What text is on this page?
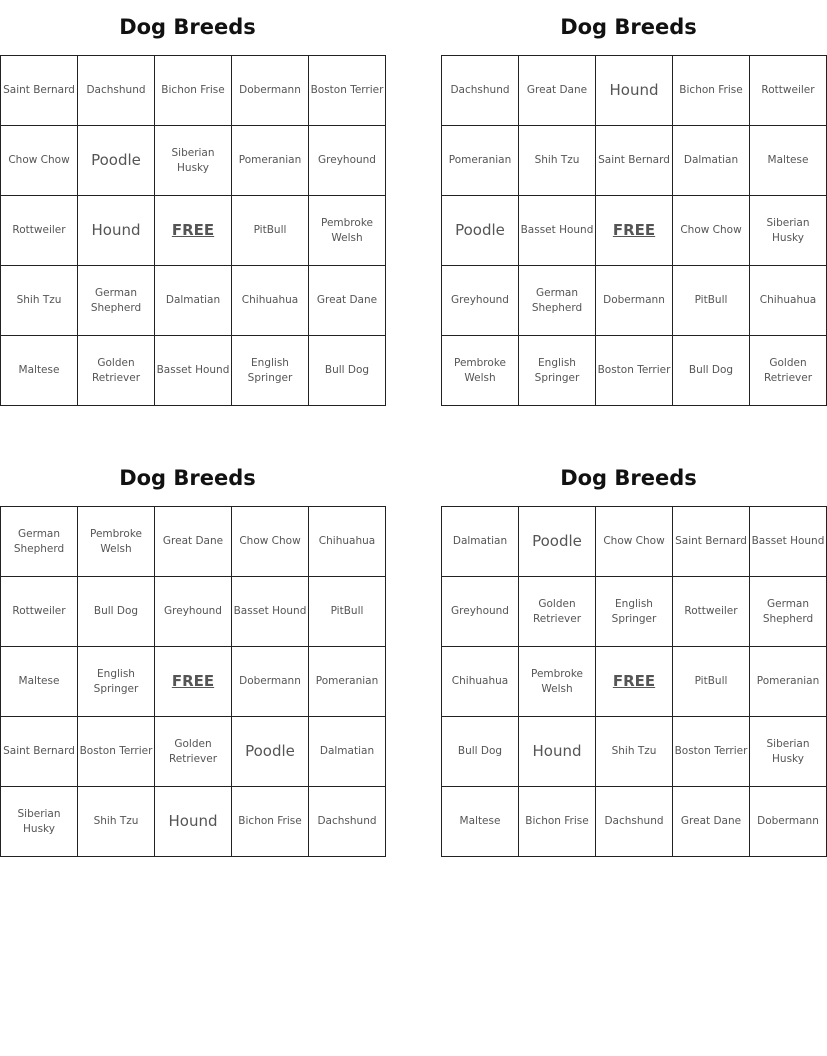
Dog Breeds
Saint Bernard	Dachshund	Bichon Frise	Dobermann	Boston Terrier
Chow Chow	Poodle	Siberian Husky	Pomeranian	Greyhound
Rottweiler	Hound	FREE	PitBull	Pembroke Welsh
Shih Tzu	German Shepherd	Dalmatian	Chihuahua	Great Dane
Maltese	Golden Retriever	Basset Hound	English Springer	Bull Dog
Dog Breeds
Dachshund	Great Dane	Hound	Bichon Frise	Rottweiler
Pomeranian	Shih Tzu	Saint Bernard	Dalmatian	Maltese
Poodle	Basset Hound	FREE	Chow Chow	Siberian Husky
Greyhound	German Shepherd	Dobermann	PitBull	Chihuahua
Pembroke Welsh	English Springer	Boston Terrier	Bull Dog	Golden Retriever
Dog Breeds
German Shepherd	Pembroke Welsh	Great Dane	Chow Chow	Chihuahua
Rottweiler	Bull Dog	Greyhound	Basset Hound	PitBull
Maltese	English Springer	FREE	Dobermann	Pomeranian
Saint Bernard	Boston Terrier	Golden Retriever	Poodle	Dalmatian
Siberian Husky	Shih Tzu	Hound	Bichon Frise	Dachshund
Dog Breeds
Dalmatian	Poodle	Chow Chow	Saint Bernard	Basset Hound
Greyhound	Golden Retriever	English Springer	Rottweiler	German Shepherd
Chihuahua	Pembroke Welsh	FREE	PitBull	Pomeranian
Bull Dog	Hound	Shih Tzu	Boston Terrier	Siberian Husky
Maltese	Bichon Frise	Dachshund	Great Dane	Dobermann
